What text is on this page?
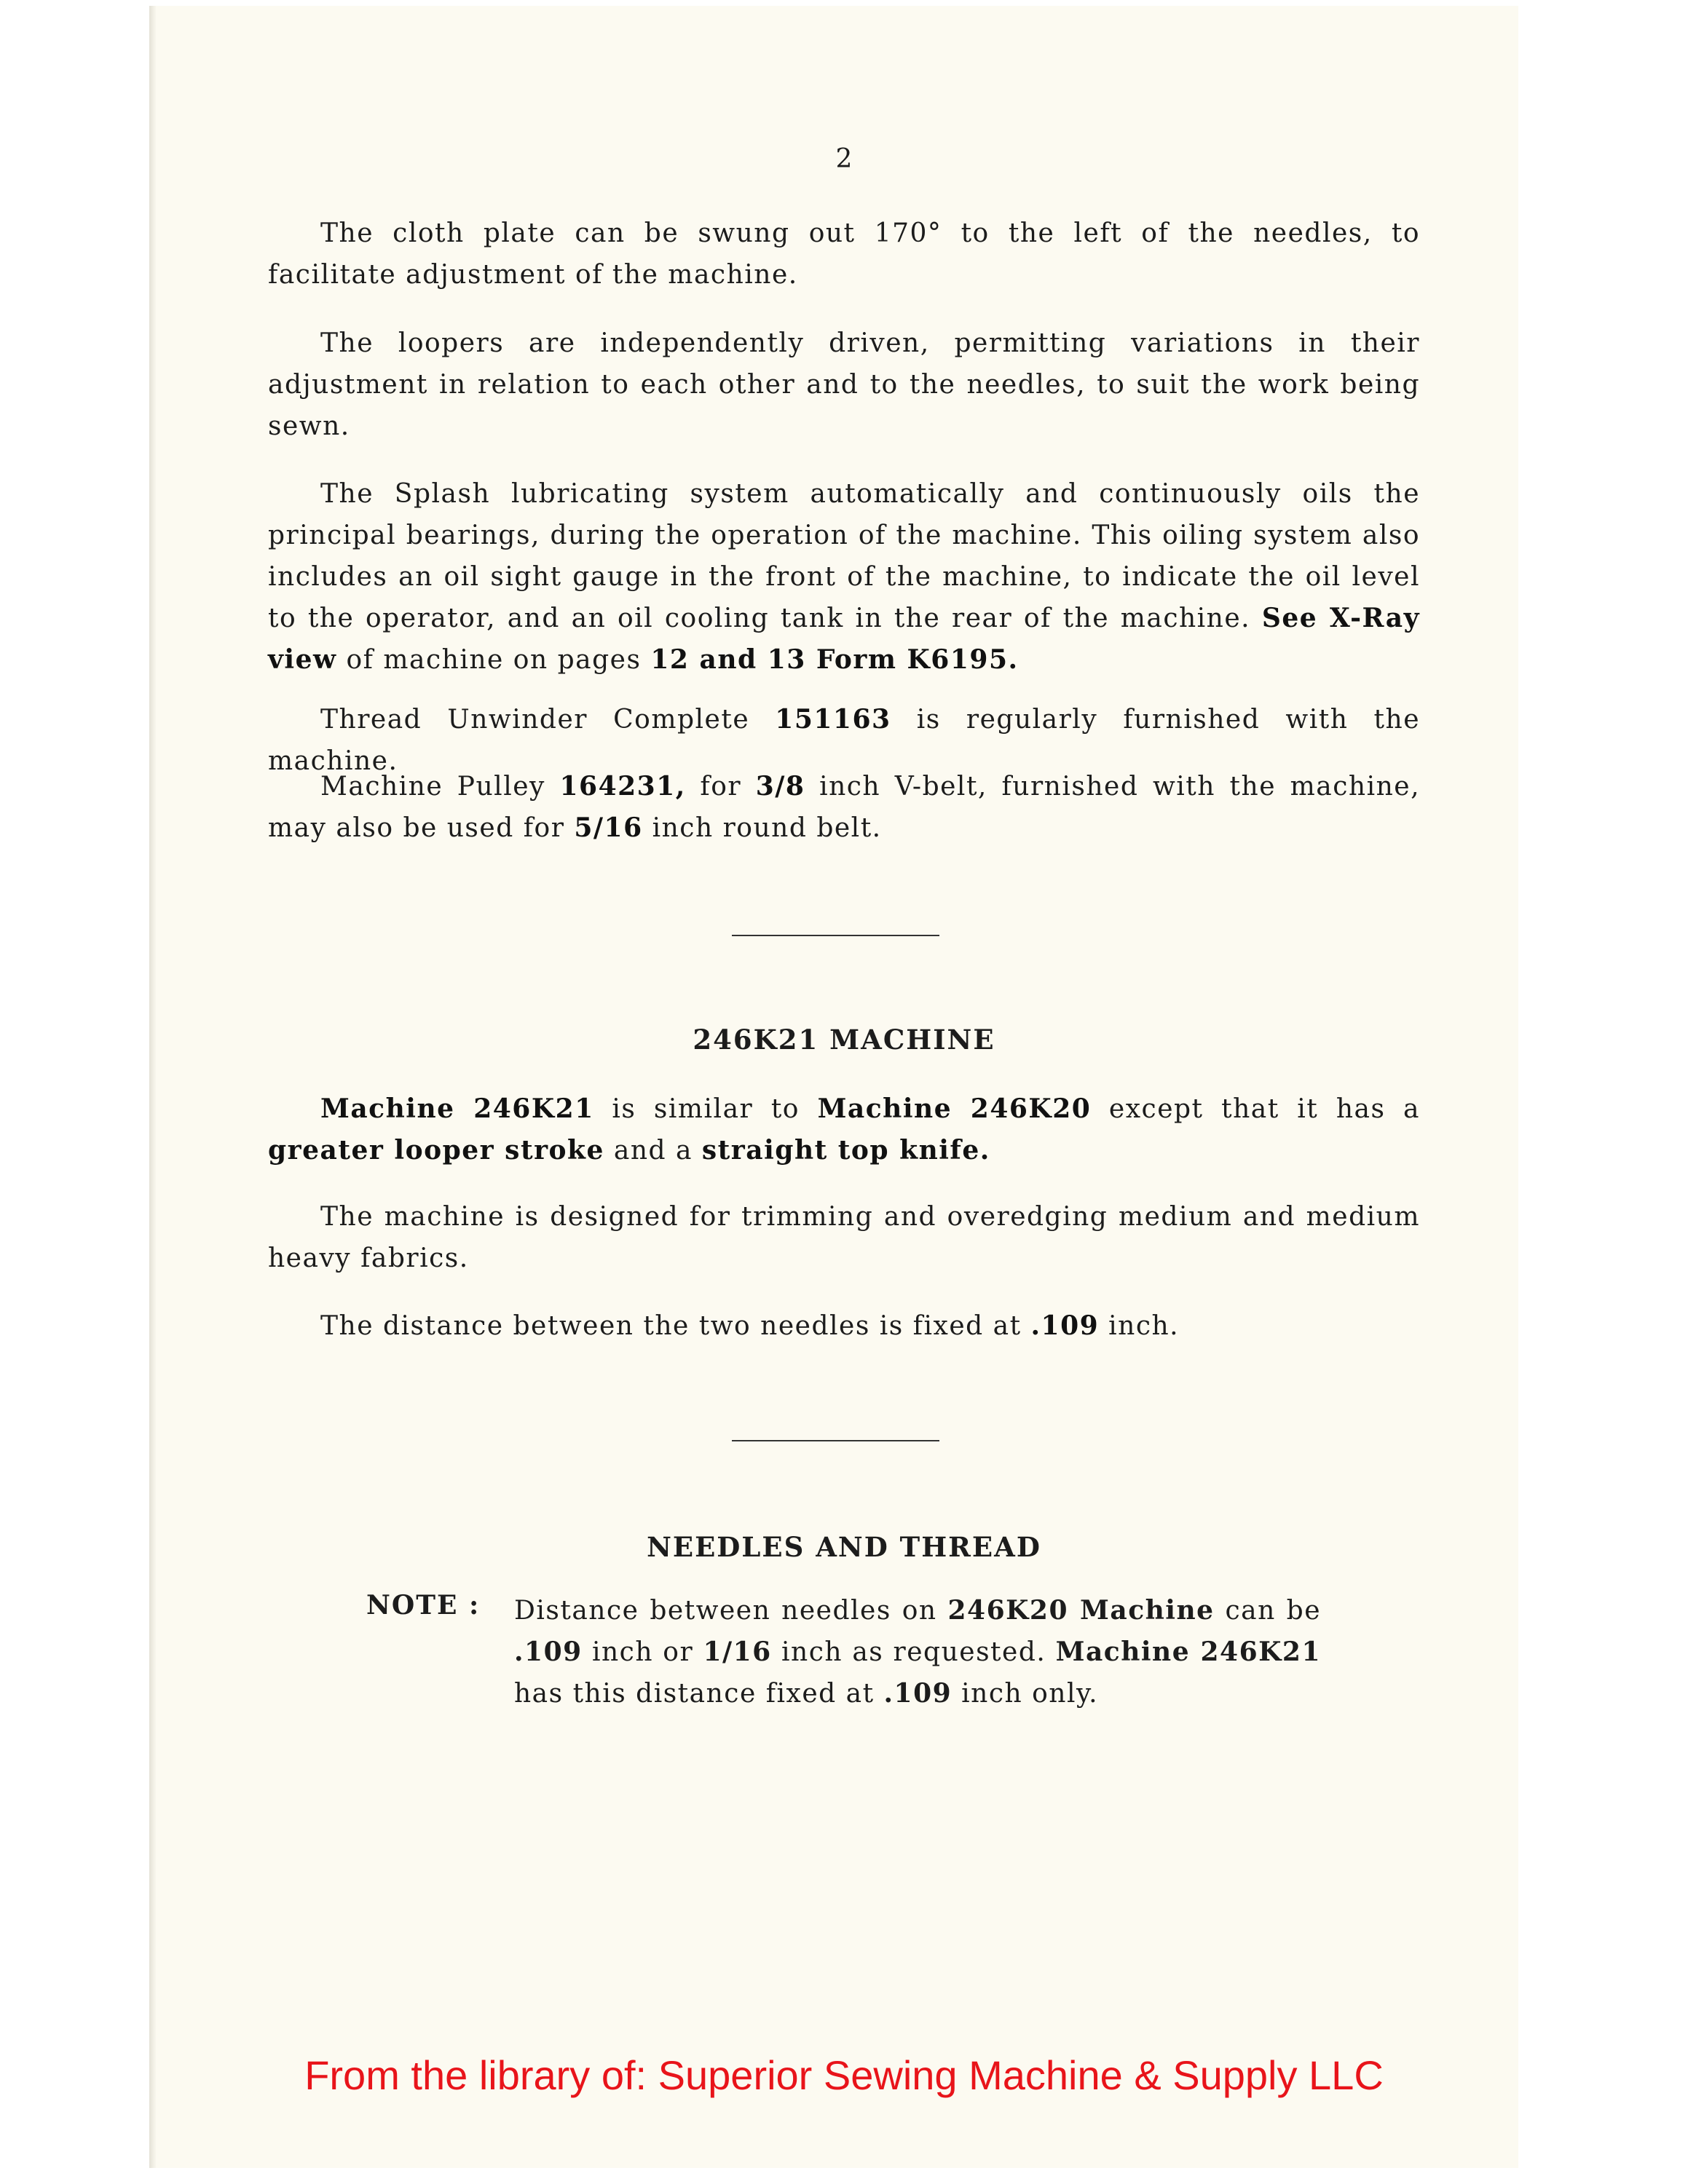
2

The cloth plate can be swung out 170° to the left of the needles, to facilitate adjustment of the machine.

The loopers are independently driven, permitting variations in their adjustment in relation to each other and to the needles, to suit the work being sewn.

The Splash lubricating system automatically and continuously oils the principal bearings, during the operation of the machine. This oiling system also includes an oil sight gauge in the front of the machine, to indicate the oil level to the operator, and an oil cooling tank in the rear of the machine. See X-Ray view of machine on pages 12 and 13 Form K6195.

Thread Unwinder Complete 151163 is regularly furnished with the machine.

Machine Pulley 164231, for 3/8 inch V-belt, furnished with the machine, may also be used for 5/16 inch round belt.

246K21 MACHINE

Machine 246K21 is similar to Machine 246K20 except that it has a greater looper stroke and a straight top knife.

The machine is designed for trimming and overedging medium and medium heavy fabrics.

The distance between the two needles is fixed at .109 inch.

NEEDLES AND THREAD
NOTE : Distance between needles on 246K20 Machine can be .109 inch or 1/16 inch as requested. Machine 246K21 has this distance fixed at .109 inch only.

From the library of: Superior Sewing Machine & Supply LLC
